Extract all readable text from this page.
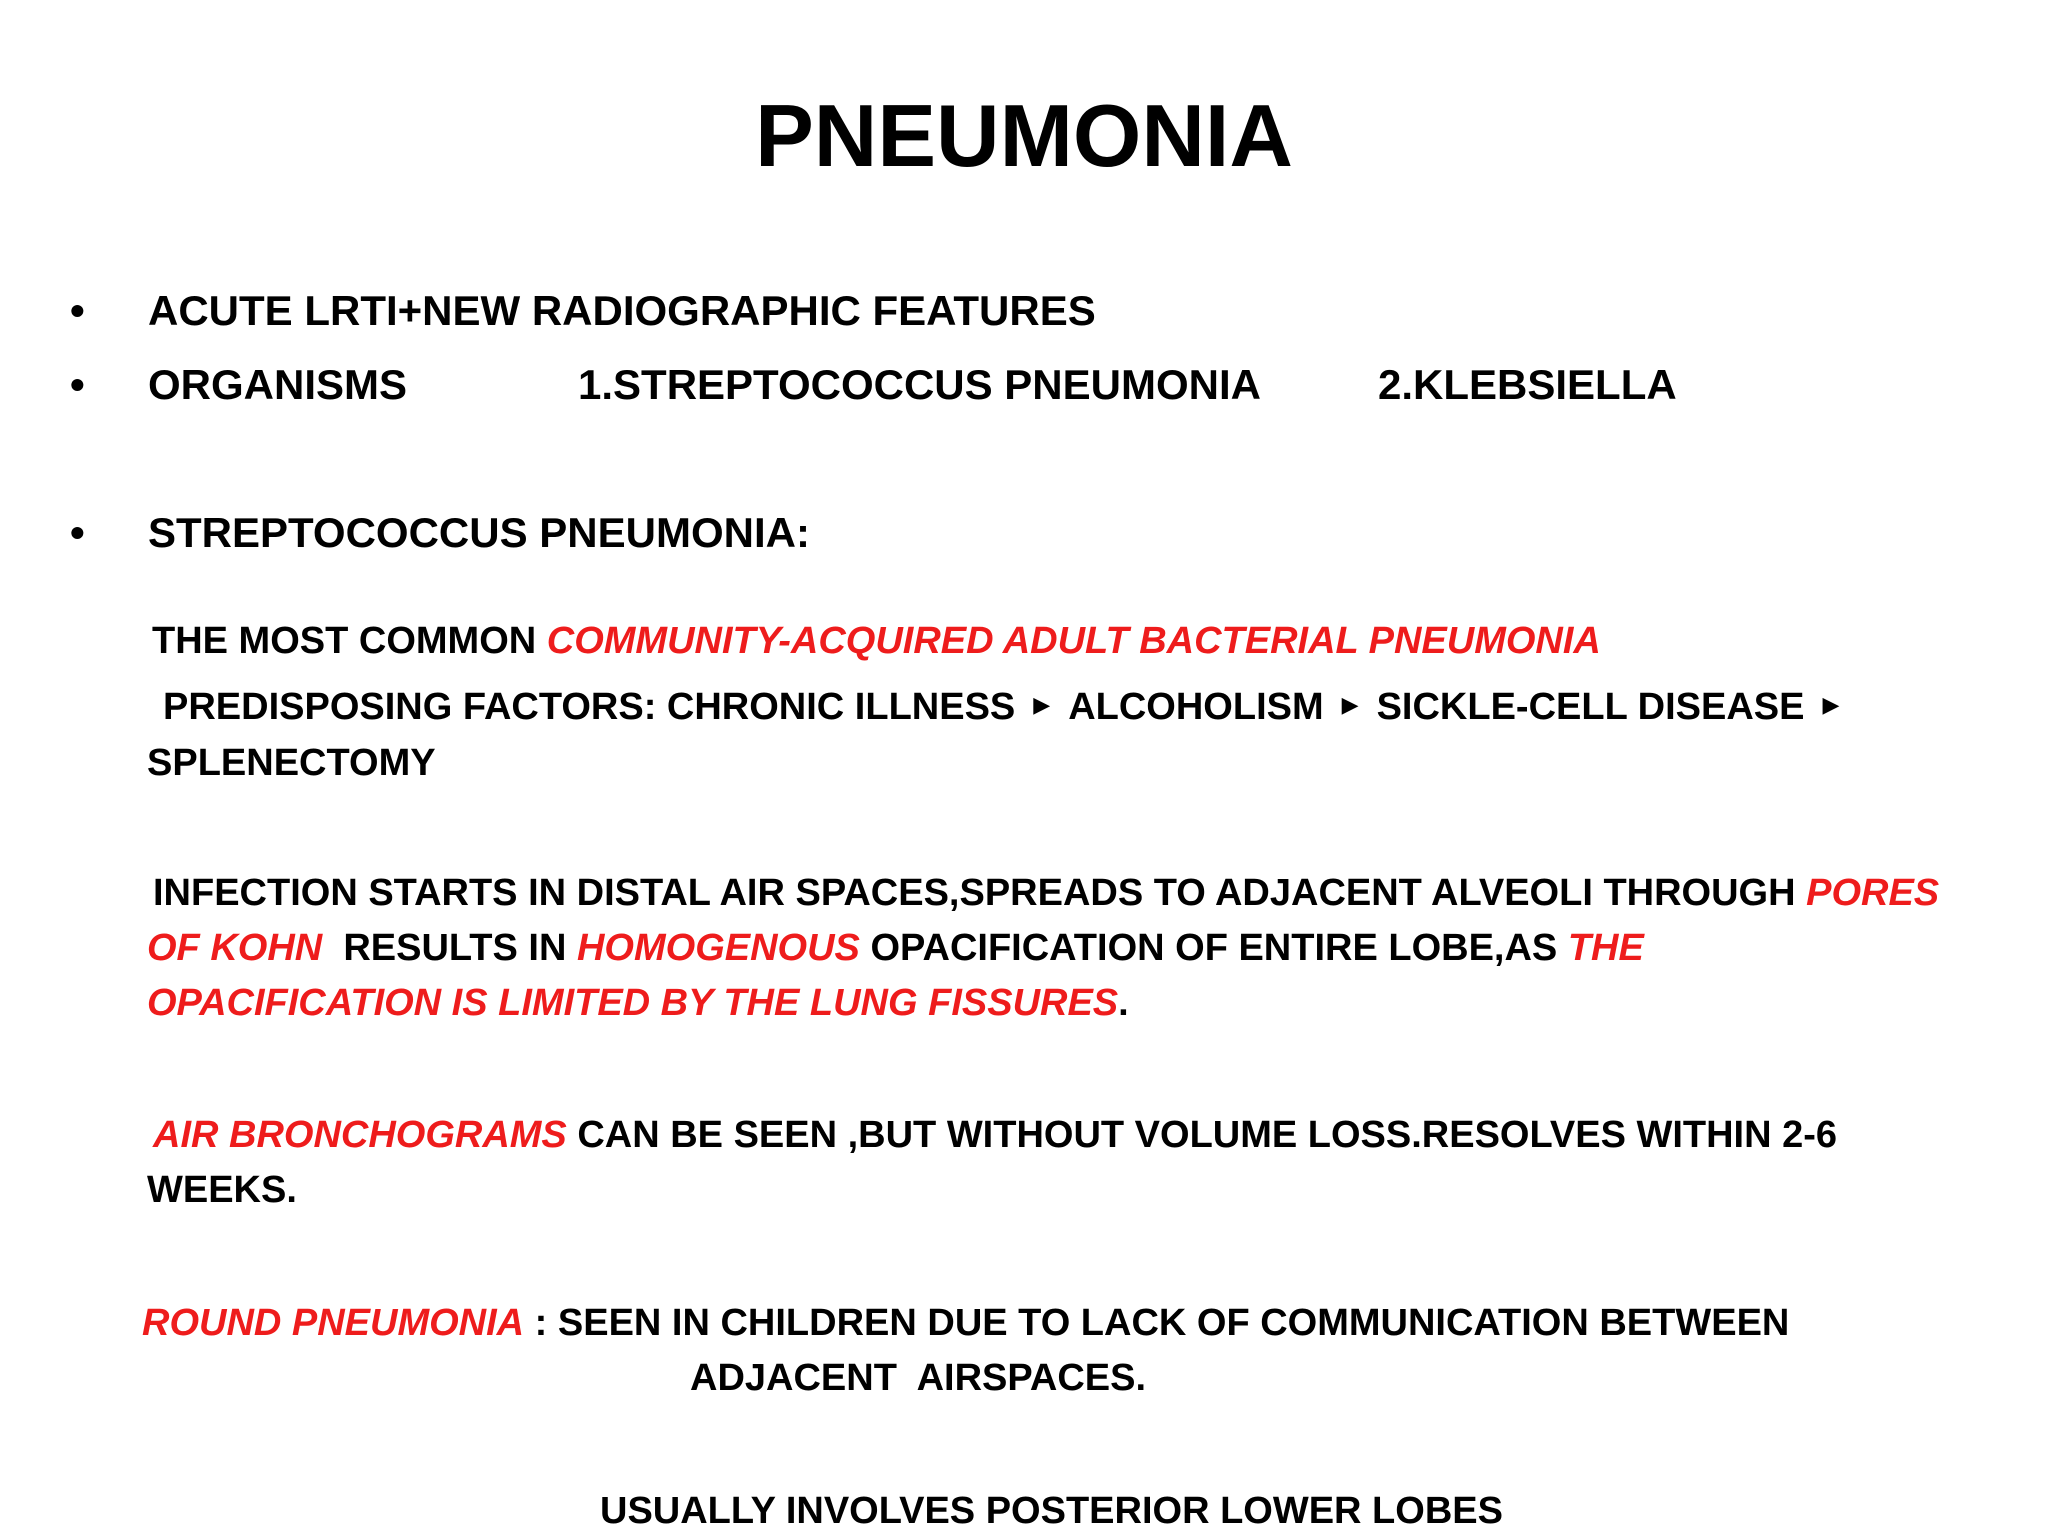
PNEUMONIA
•	ACUTE LRTI+NEW RADIOGRAPHIC FEATURES
•	ORGANISMS	1.STREPTOCOCCUS PNEUMONIA	2.KLEBSIELLA
•	STREPTOCOCCUS PNEUMONIA:

THE MOST COMMON COMMUNITY-ACQUIRED ADULT BACTERIAL PNEUMONIA

PREDISPOSING FACTORS: CHRONIC ILLNESS ▶ ALCOHOLISM ▶ SICKLE-CELL DISEASE ▶
SPLENECTOMY

INFECTION STARTS IN DISTAL AIR SPACES,SPREADS TO ADJACENT ALVEOLI THROUGH PORES OF KOHN  RESULTS IN HOMOGENOUS OPACIFICATION OF ENTIRE LOBE,AS THE OPACIFICATION IS LIMITED BY THE LUNG FISSURES.

AIR BRONCHOGRAMS CAN BE SEEN ,BUT WITHOUT VOLUME LOSS.RESOLVES WITHIN 2-6 WEEKS.

ROUND PNEUMONIA : SEEN IN CHILDREN DUE TO LACK OF COMMUNICATION BETWEEN
ADJACENT  AIRSPACES.

USUALLY INVOLVES POSTERIOR LOWER LOBES
